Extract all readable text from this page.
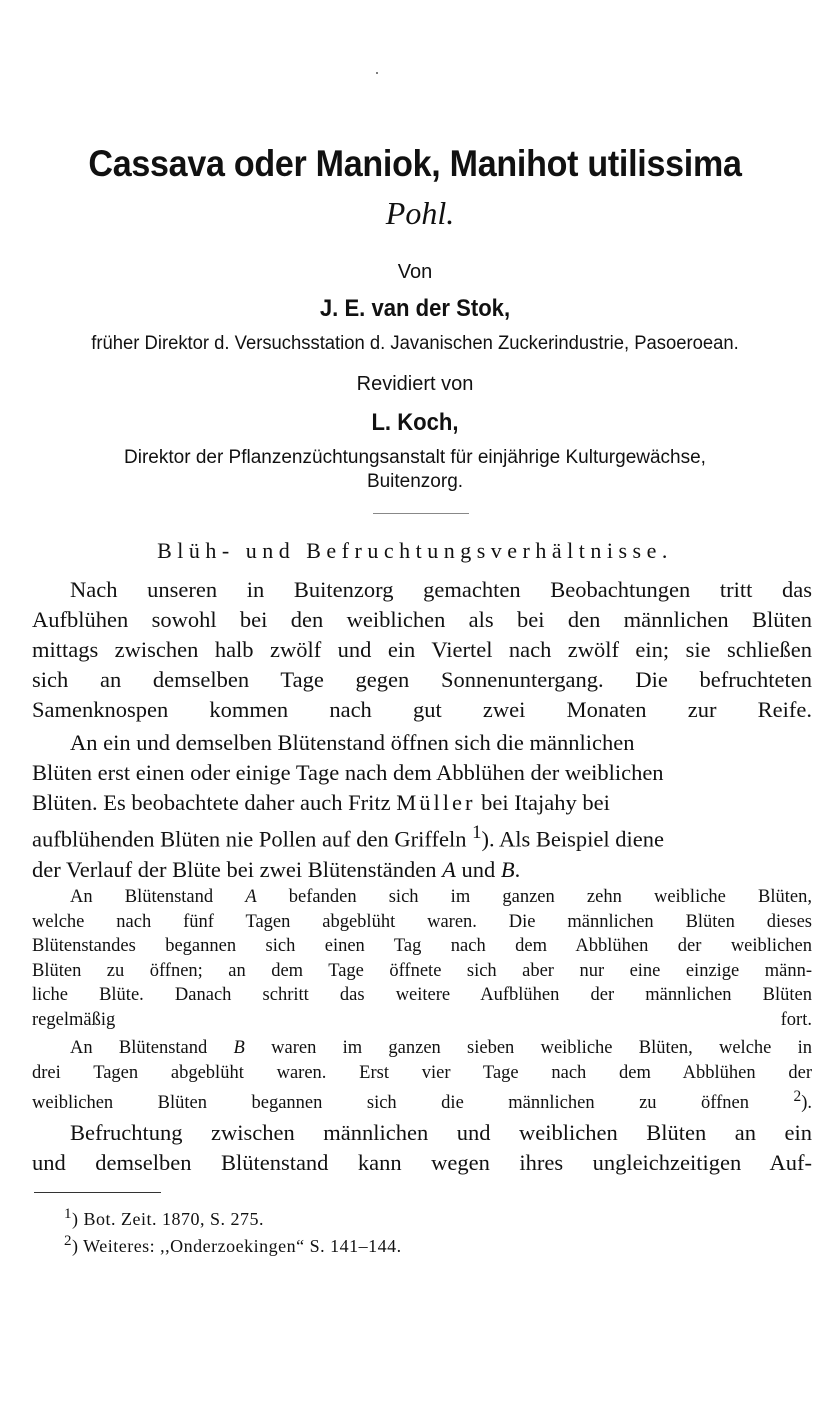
Cassava oder Maniok, Manihot utilissima
Pohl.
Von
J. E. van der Stok,
früher Direktor d. Versuchsstation d. Javanischen Zuckerindustrie, Pasoeroean.
Revidiert von
L. Koch,
Direktor der Pflanzenzüchtungsanstalt für einjährige Kulturgewächse,
Buitenzorg.
Blüh- und Befruchtungsverhältnisse.
Nach unseren in Buitenzorg gemachten Beobachtungen tritt das
Aufblühen sowohl bei den weiblichen als bei den männlichen Blüten
mittags zwischen halb zwölf und ein Viertel nach zwölf ein; sie schließen
sich an demselben Tage gegen Sonnenuntergang. Die befruchteten
Samenknospen kommen nach gut zwei Monaten zur Reife.
An ein und demselben Blütenstand öffnen sich die männlichen
Blüten erst einen oder einige Tage nach dem Abblühen der weiblichen
Blüten. Es beobachtete daher auch Fritz Müller bei Itajahy bei
aufblühenden Blüten nie Pollen auf den Griffeln $^1$). Als Beispiel diene
der Verlauf der Blüte bei zwei Blütenständen A und B.
An Blütenstand A befanden sich im ganzen zehn weibliche Blüten,
welche nach fünf Tagen abgeblüht waren. Die männlichen Blüten dieses
Blütenstandes begannen sich einen Tag nach dem Abblühen der weiblichen
Blüten zu öffnen; an dem Tage öffnete sich aber nur eine einzige männ-
liche Blüte. Danach schritt das weitere Aufblühen der männlichen Blüten
regelmäßig fort.
An Blütenstand B waren im ganzen sieben weibliche Blüten, welche in
drei Tagen abgeblüht waren. Erst vier Tage nach dem Abblühen der
weiblichen Blüten begannen sich die männlichen zu öffnen	$^2$).
Befruchtung zwischen männlichen und weiblichen Blüten an ein
und demselben Blütenstand kann wegen ihres ungleichzeitigen Auf-
$^1$) Bot. Zeit. 1870, S. 275.
$^2$) Weiteres: ,,Onderzoekingen“ S. 141–144.
